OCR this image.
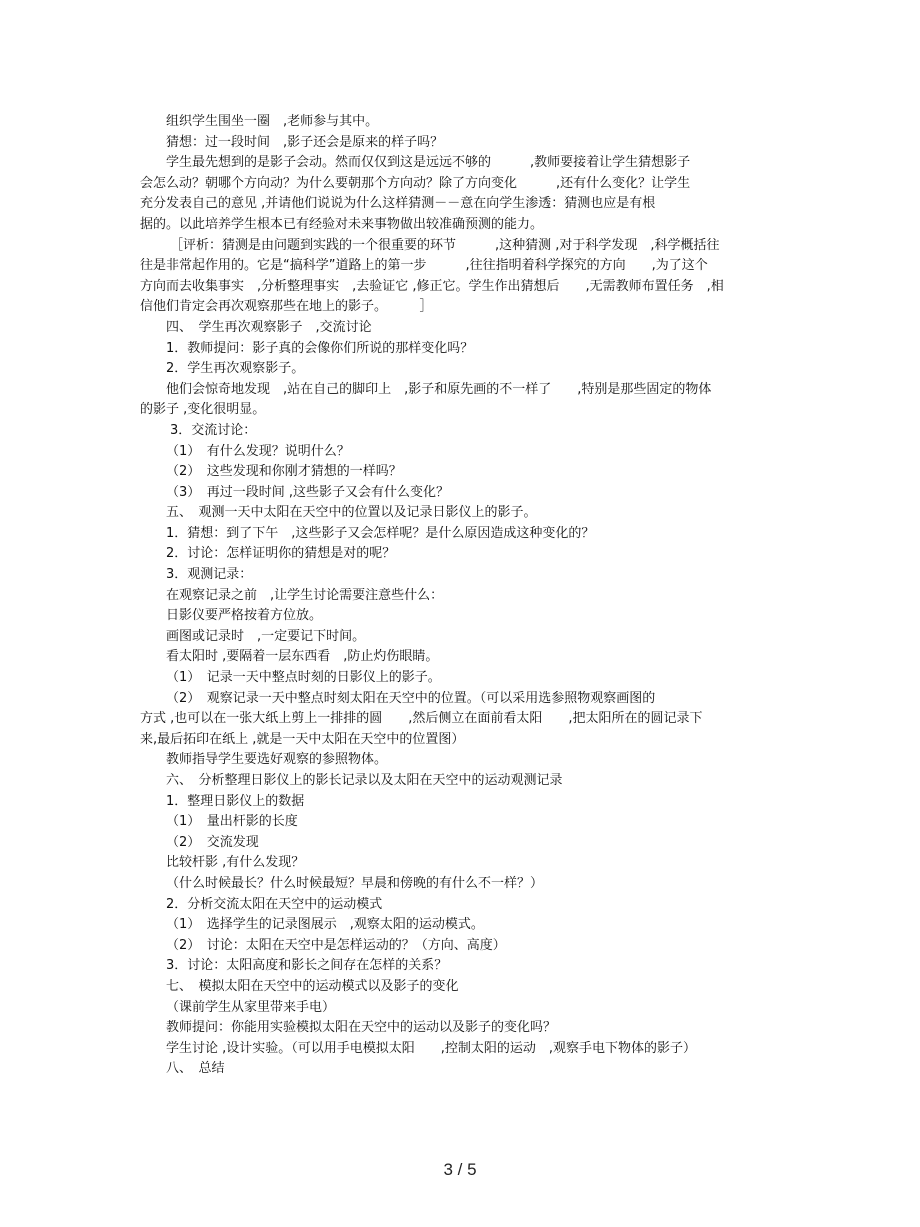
组织学生围坐一圈　,老师参与其中。
猜想：过一段时间　,影子还会是原来的样子吗？
学生最先想到的是影子会动。然而仅仅到这是远远不够的　　　,教师要接着让学生猜想影子
会怎么动？朝哪个方向动？为什么要朝那个方向动？除了方向变化　　　,还有什么变化？让学生
充分发表自己的意见 ,并请他们说说为什么这样猜测－－意在向学生渗透：猜测也应是有根
据的。以此培养学生根本已有经验对未来事物做出较准确预测的能力。
［评析：猜测是由问题到实践的一个很重要的环节　　　,这种猜测 ,对于科学发现　,科学概括往
往是非常起作用的。它是“搞科学”道路上的第一步　　　,往往指明着科学探究的方向　　,为了这个
方向而去收集事实　,分析整理事实　,去验证它 ,修正它。学生作出猜想后　　,无需教师布置任务　,相
信他们肯定会再次观察那些在地上的影子。　　　］
四、　学生再次观察影子　,交流讨论
1．教师提问：影子真的会像你们所说的那样变化吗？
2．学生再次观察影子。
他们会惊奇地发现　,站在自己的脚印上　,影子和原先画的不一样了　　,特别是那些固定的物体
的影子 ,变化很明显。
3．交流讨论：
（1）　有什么发现？说明什么？
（2）　这些发现和你刚才猜想的一样吗？
（3）　再过一段时间 ,这些影子又会有什么变化？
五、　观测一天中太阳在天空中的位置以及记录日影仪上的影子。
1．猜想：到了下午　,这些影子又会怎样呢？是什么原因造成这种变化的？
2．讨论：怎样证明你的猜想是对的呢？
3．观测记录：
在观察记录之前　,让学生讨论需要注意些什么：
日影仪要严格按着方位放。
画图或记录时　,一定要记下时间。
看太阳时 ,要隔着一层东西看　,防止灼伤眼睛。
（1）　记录一天中整点时刻的日影仪上的影子。
（2）　观察记录一天中整点时刻太阳在天空中的位置。（可以采用选参照物观察画图的
方式 ,也可以在一张大纸上剪上一排排的圆　　,然后侧立在面前看太阳　　,把太阳所在的圆记录下
来,最后拓印在纸上 ,就是一天中太阳在天空中的位置图）
教师指导学生要选好观察的参照物体。
六、　分析整理日影仪上的影长记录以及太阳在天空中的运动观测记录
1．整理日影仪上的数据
（1）　量出杆影的长度
（2）　交流发现
比较杆影 ,有什么发现？
（什么时候最长？什么时候最短？早晨和傍晚的有什么不一样？）
2．分析交流太阳在天空中的运动模式
（1）　选择学生的记录图展示　,观察太阳的运动模式。
（2）　讨论：太阳在天空中是怎样运动的？（方向、高度）
3．讨论：太阳高度和影长之间存在怎样的关系？
七、　模拟太阳在天空中的运动模式以及影子的变化
（课前学生从家里带来手电）
教师提问：你能用实验模拟太阳在天空中的运动以及影子的变化吗？
学生讨论 ,设计实验。（可以用手电模拟太阳　　,控制太阳的运动　,观察手电下物体的影子）
八、　总结
3 / 5
